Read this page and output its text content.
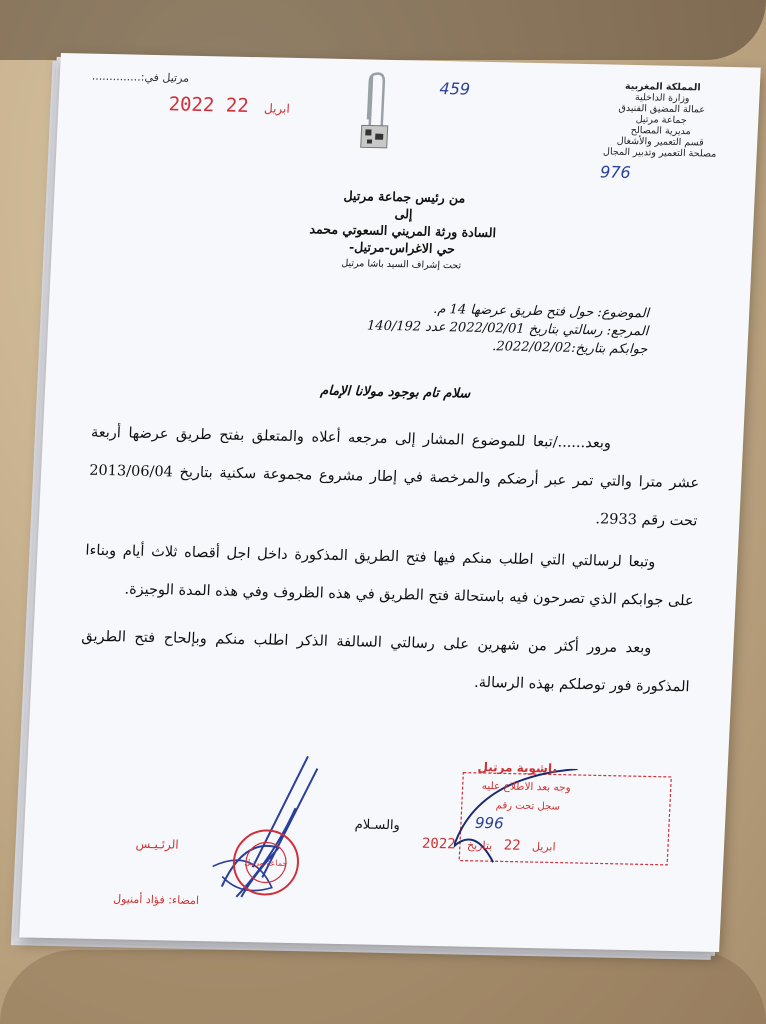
مرتيل في:..............
2022	ابريل 22
459	المملكة المغربية
وزارة الداخلية
عمالة المضيق الفنيدق
جماعة مرتيل
مديرية المصالح
قسم التعمير والأشغال
مصلحة التعمير وتدبير المجال
976
من رئيس جماعة مرتيل
إلى
السادة ورثة المريني السعوتي محمد
حي الاغراس-مرتيل-
تحت إشراف السيد باشا مرتيل
الموضوع: حول فتح طريق عرضها 14 م.
المرجع: رسالتي بتاريخ 2022/02/01 عدد 140/192
جوابكم بتاريخ:2022/02/02.
سلام تام بوجود مولانا الإمام

وبعد....../تبعا للموضوع المشار إلى مرجعه أعلاه والمتعلق بفتح طريق عرضها أربعة عشر مترا والتي تمر عبر أرضكم والمرخصة في إطار مشروع مجموعة سكنية بتاريخ 2013/06/04 تحت رقم 2933.

وتبعا لرسالتي التي اطلب منكم فيها فتح الطريق المذكورة داخل اجل أقصاه ثلاث أيام وبناءا على جوابكم الذي تصرحون فيه باستحالة فتح الطريق في هذه الظروف وفي هذه المدة الوجيزة.

وبعد مرور أكثر من شهرين على رسالتي السالفة الذكر اطلب منكم وبإلحاح فتح الطريق المذكورة فور توصلكم بهذه الرسالة.

والسـلام
جماعة مرتيل
الرئـيـس
امضاء: فؤاد أمنيول
باشوية مرتيل
وجه بعد الاطلاع عليه
سجل تحت رقم
996
2022	ابريل 22 بتاريخ
